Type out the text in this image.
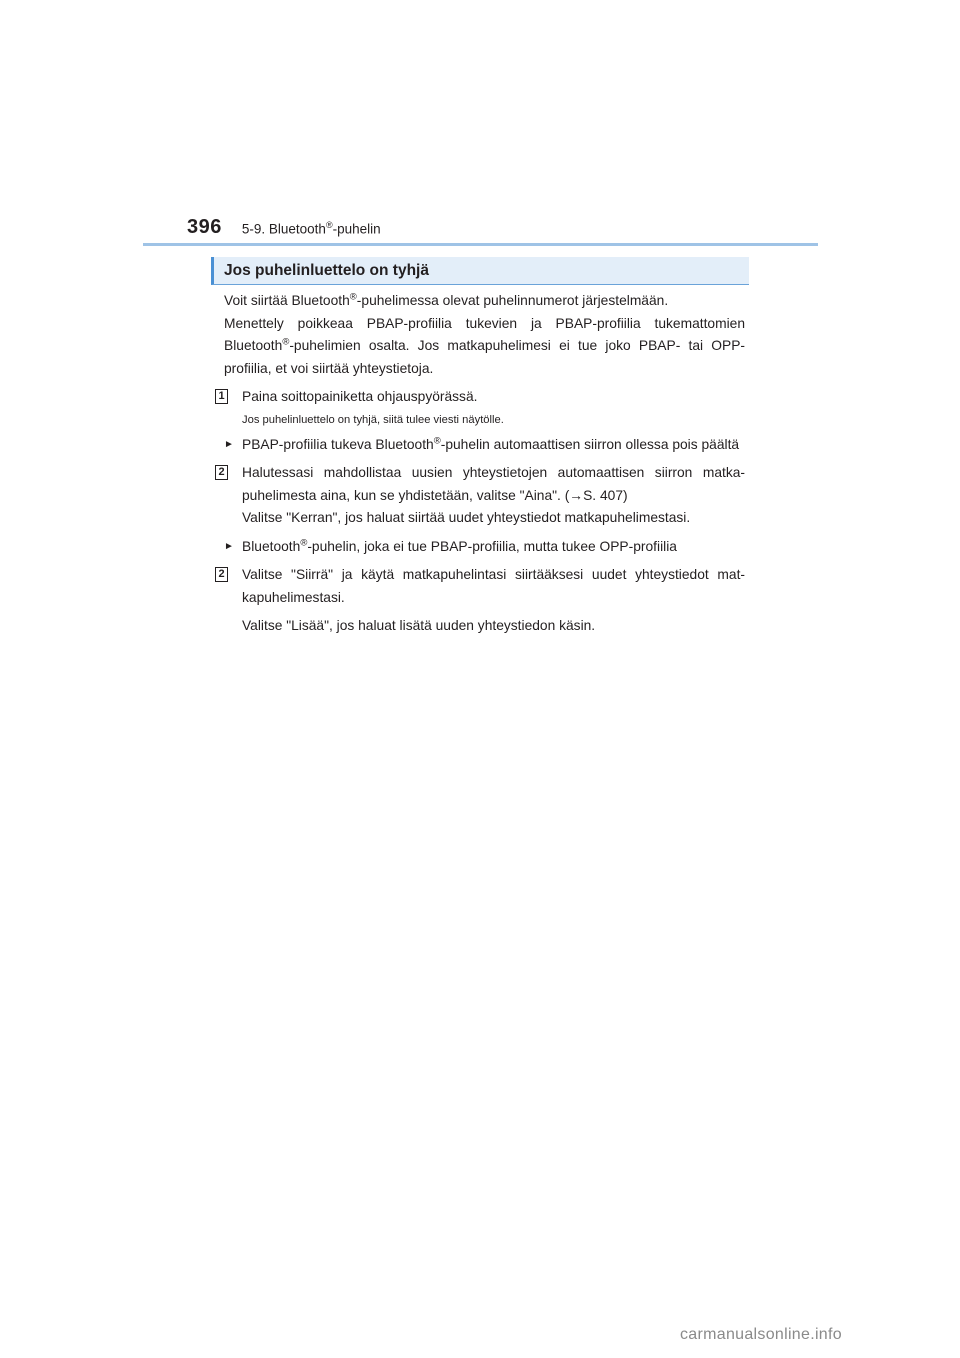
396 5-9. Bluetooth®-puhelin
Jos puhelinluettelo on tyhjä

Voit siirtää Bluetooth®-puhelimessa olevat puhelinnumerot järjestelmään.
Menettely poikkeaa PBAP-profiilia tukevien ja PBAP-profiilia tukemattomien Bluetooth®-puhelimien osalta. Jos matkapuhelimesi ei tue joko PBAP- tai OPP-profiilia, et voi siirtää yhteystietoja.

1 Paina soittopainiketta ohjauspyörässä.
Jos puhelinluettelo on tyhjä, siitä tulee viesti näytölle.
► PBAP-profiilia tukeva Bluetooth®-puhelin automaattisen siirron ollessa pois päältä
2 Halutessasi mahdollistaa uusien yhteystietojen automaattisen siirron matka-puhelimesta aina, kun se yhdistetään, valitse "Aina". (→S. 407)
Valitse "Kerran", jos haluat siirtää uudet yhteystiedot matkapuhelimestasi.
► Bluetooth®-puhelin, joka ei tue PBAP-profiilia, mutta tukee OPP-profiilia
2 Valitse "Siirrä" ja käytä matkapuhelintasi siirtääksesi uudet yhteystiedot mat-kapuhelimestasi.
Valitse "Lisää", jos haluat lisätä uuden yhteystiedon käsin.
carmanualsonline.info
